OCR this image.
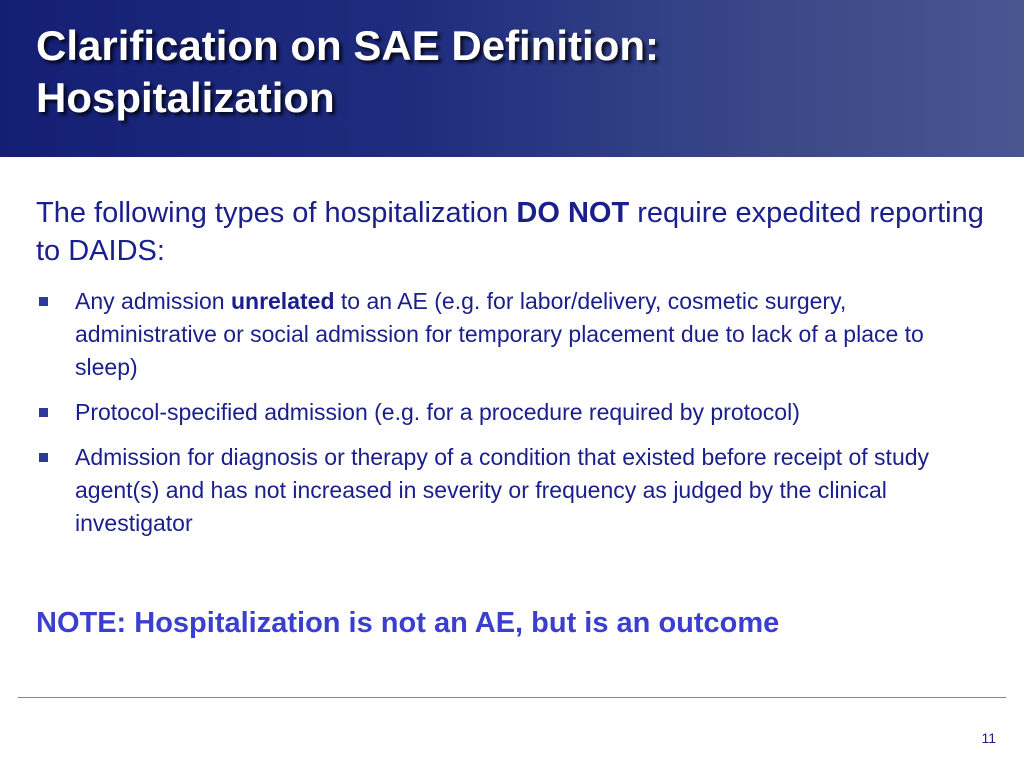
Clarification on SAE Definition:
Hospitalization

The following types of hospitalization DO NOT require expedited reporting to DAIDS:

Any admission unrelated to an AE (e.g. for labor/delivery, cosmetic surgery, administrative or social admission for temporary placement due to lack of a place to sleep)
Protocol-specified admission (e.g. for a procedure required by protocol)
Admission for diagnosis or therapy of a condition that existed before receipt of study agent(s) and has not increased in severity or frequency as judged by the clinical investigator

NOTE: Hospitalization is not an AE, but is an outcome

11
